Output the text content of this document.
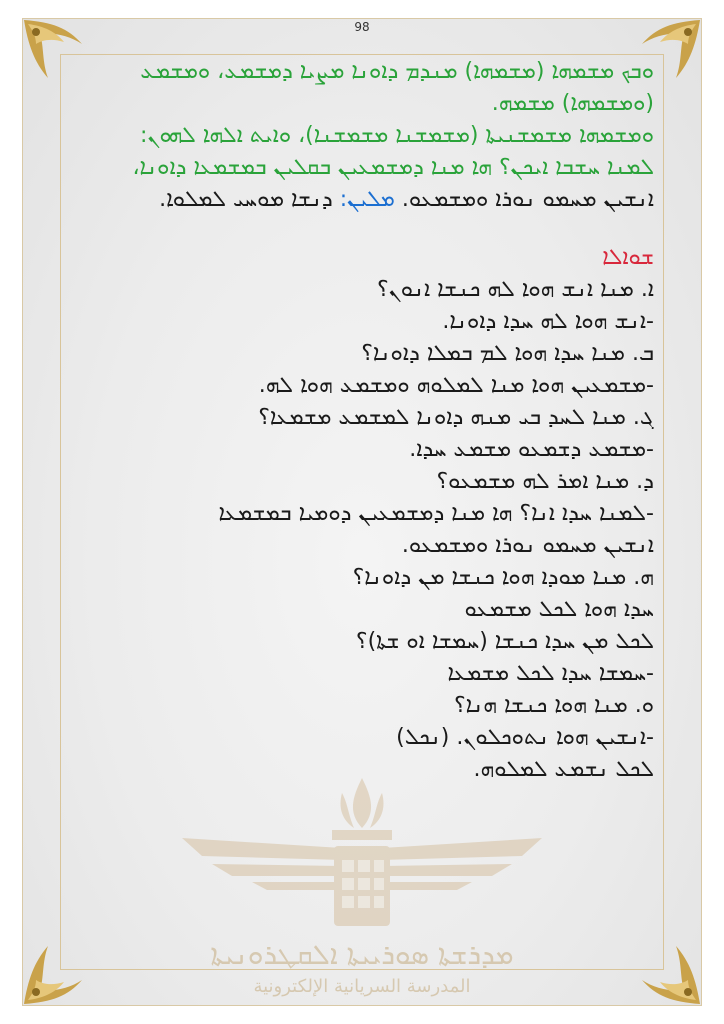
98
ܡܕܪܫܬܐ ܣܘܪܝܝܬܐ ܐܠܩܛܪܘܢܝܬܐ
المدرسة السريانية الإلكترونية

ܘܒܟ ܡܫܡܗܐ (ܡܫܡܗܐ) ܡܢܕܡ ܕܐܘܢܐ ܡܨܝܐ ܕܡܫܡܥ، ܘܡܫܡܥ

(ܘܡܫܡܗܐ) ܡܫܡܗ.

ܘܡܫܡܗܐ ܡܫܡܫܢܝܬܐ (ܡܫܡܫܢܐ ܡܫܡܫܢܐ)، ܘܐܝܬ ܐܠܗܐ ܠܗܘܢ:

ܠܡܢܐ ܚܫܒܐ ܐܝܟܢ؟ ܗܐ ܡܢܐ ܕܡܫܡܥܝܢ ܒܩܠܝܢ ܒܡܫܡܥܐ ܕܐܘܢܐ،

ܐܢܫܝܢ ܡܚܡܘ ܢܘܪܐ ܘܡܫܡܥܘ. ܡܠܝܢ: ܕܢܫܐ ܡܘܚܝ ܠܡܠܘܐ.

ܫܘܐܠܐ

ܐ. ܡܢܐ ܐܢܫ ܗܘܐ ܠܗ ܟܢܫܐ ܐܢܘܢ؟

-ܐܢܫ ܗܘܐ ܠܗ ܚܕܐ ܕܐܘܢܐ.

ܒ. ܡܢܐ ܚܕܐ ܗܘܐ ܠܡ ܒܡܠܐ ܕܐܘܢܐ؟

-ܡܫܡܥܝܢ ܗܘܐ ܡܢܐ ܠܡܠܘܗ ܘܡܫܡܥ ܗܘܐ ܠܗ.

ܓ. ܡܢܐ ܠܚܕ ܒܝ ܡܢܗ ܕܐܘܢܐ ܠܡܫܡܥ ܡܫܡܥܐ؟

-ܡܫܡܥ ܕܫܡܥܘ ܡܫܡܥ ܚܕܐ.

ܕ. ܡܢܐ ܐܡܪ ܠܗ ܡܫܡܥܘ؟

-ܠܡܢܐ ܚܕܐ ܐܢܐ؟ ܗܐ ܡܢܐ ܕܡܫܡܥܝܢ ܕܘܡܝܐ ܒܡܫܡܥܐ

ܐܢܫܝܢ ܡܚܡܘ ܢܘܪܐ ܘܡܫܡܥܘ.

ܗ. ܡܢܐ ܡܘܕܐ ܗܘܐ ܟܢܫܐ ܡܢ ܕܐܘܢܐ؟

ܚܕܐ ܗܘܐ ܠܟܠ ܡܫܡܥܘ

ܠܟܠ ܡܢ ܚܕܐ ܟܢܫܐ (ܚܡܫܐ ܐܘ ܫܬܐ)؟

-ܚܡܫܐ ܚܕܐ ܠܟܠ ܡܫܡܥܐ

ܘ. ܡܢܐ ܗܘܐ ܟܢܫܐ ܗܢܐ؟

-ܐܢܫܝܢ ܗܘܐ ܢܬܘܟܠܘܢ. (ܢܟܠ)

ܠܟܠ ܢܫܡܥ ܠܡܠܘܗ.
